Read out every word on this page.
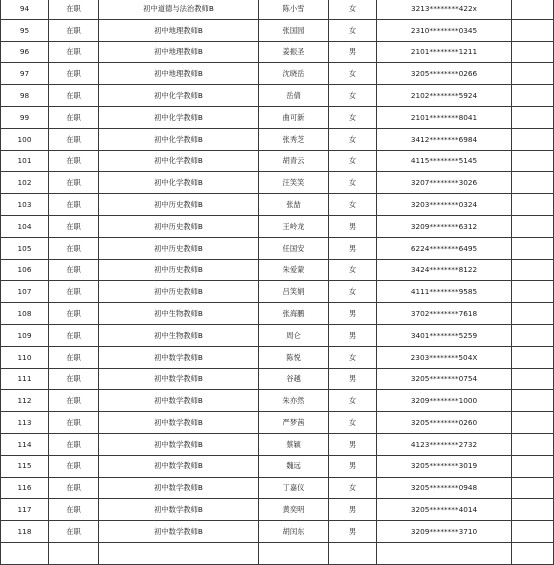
94	在职	初中道德与法治教师B	陈小雪	女	3213********422x	
95	在职	初中地理教师B	张国园	女	2310********0345	
96	在职	初中地理教师B	姜振圣	男	2101********1211	
97	在职	初中地理教师B	沈晓岳	女	3205********0266	
98	在职	初中化学教师B	岳倩	女	2102********5924	
99	在职	初中化学教师B	曲可新	女	2101********8041	
100	在职	初中化学教师B	张秀芝	女	3412********6984	
101	在职	初中化学教师B	胡青云	女	4115********5145	
102	在职	初中化学教师B	汪笑笑	女	3207********3026	
103	在职	初中历史教师B	张喆	女	3203********0324	
104	在职	初中历史教师B	王岭龙	男	3209********6312	
105	在职	初中历史教师B	任国安	男	6224********6495	
106	在职	初中历史教师B	朱爱蒙	女	3424********8122	
107	在职	初中历史教师B	吕笑娟	女	4111********9585	
108	在职	初中生物教师B	张海鹏	男	3702********7618	
109	在职	初中生物教师B	周仑	男	3401********5259	
110	在职	初中数学教师B	陈悦	女	2303********504X	
111	在职	初中数学教师B	谷越	男	3205********0754	
112	在职	初中数学教师B	朱亦然	女	3209********1000	
113	在职	初中数学教师B	严梦茜	女	3205********0260	
114	在职	初中数学教师B	蔡颖	男	4123********2732	
115	在职	初中数学教师B	魏远	男	3205********3019	
116	在职	初中数学教师B	丁嘉仪	女	3205********0948	
117	在职	初中数学教师B	黄奕明	男	3205********4014	
118	在职	初中数学教师B	胡闰东	男	3209********3710	
